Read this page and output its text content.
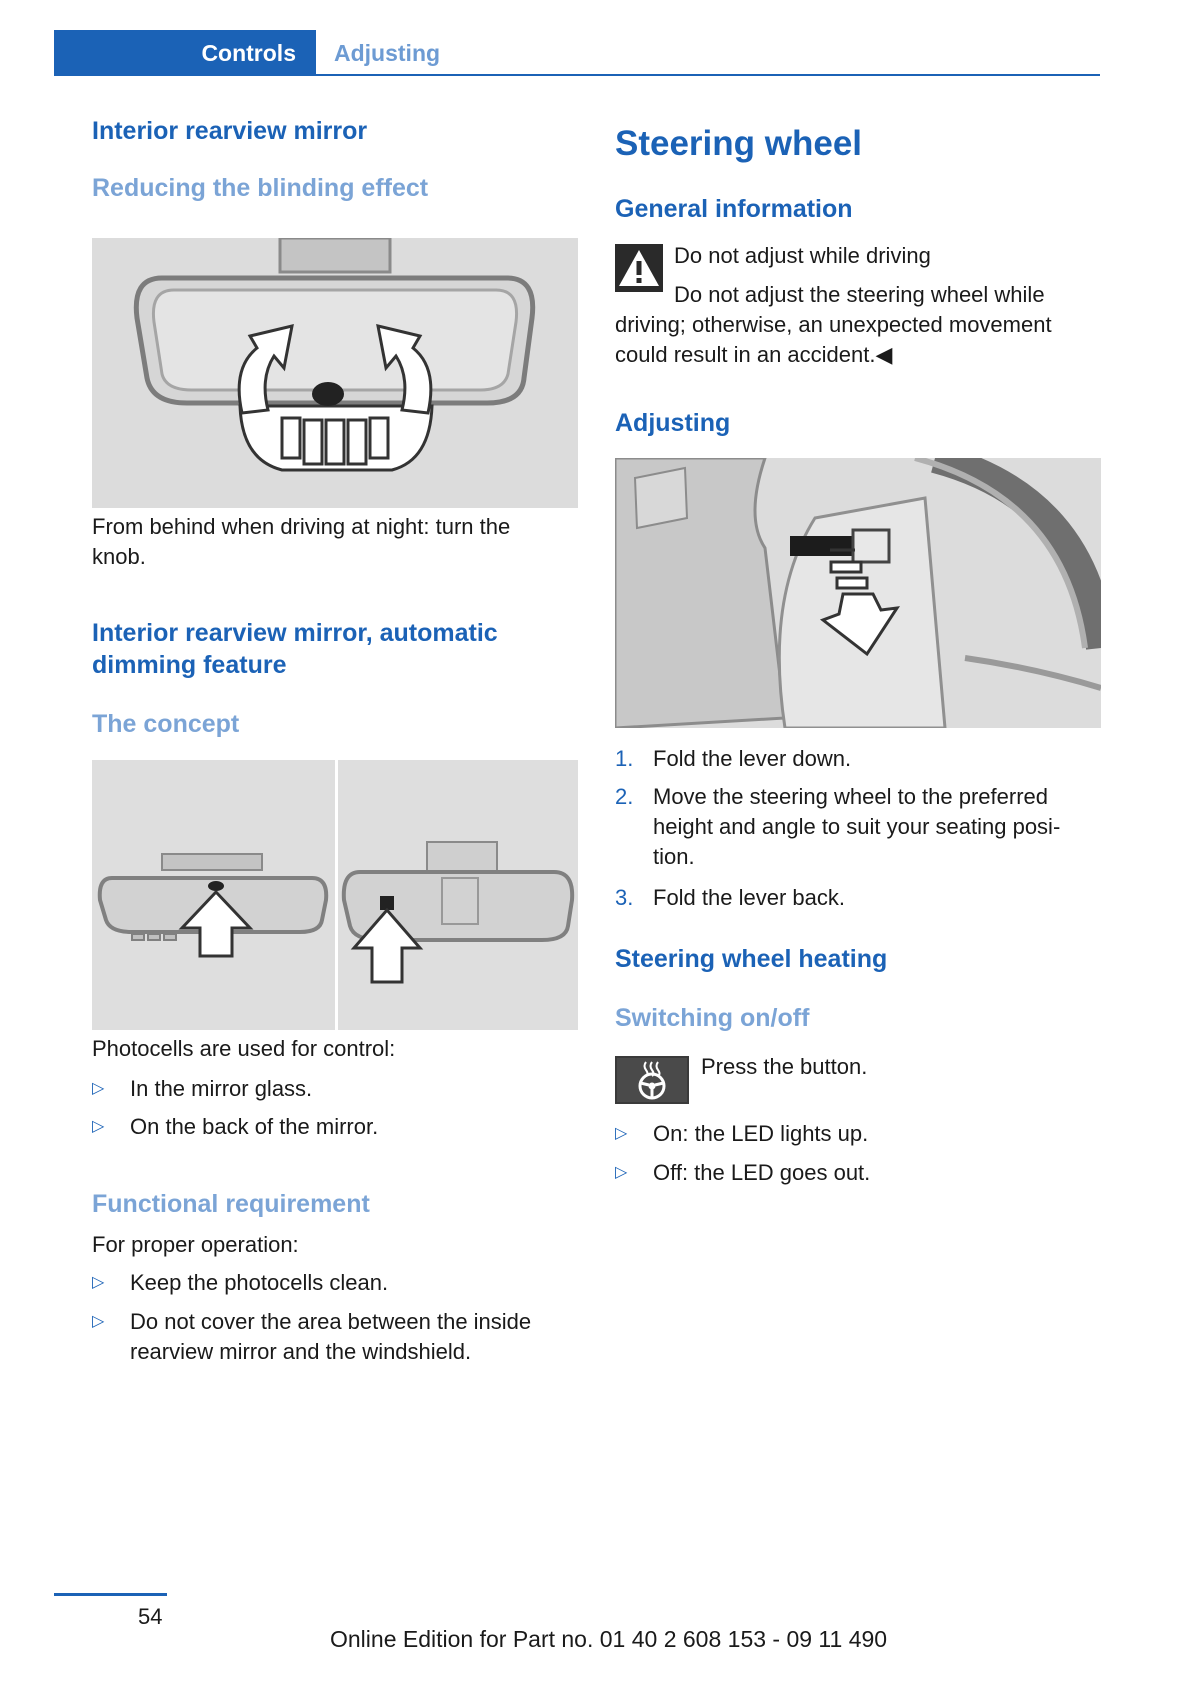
Controls	Adjusting
Interior rearview mirror
Reducing the blinding effect
From behind when driving at night: turn the
knob.
Interior rearview mirror, automatic
dimming feature
The concept
Photocells are used for control:
▷ In the mirror glass.
▷ On the back of the mirror.
Functional requirement
For proper operation:
▷ Keep the photocells clean.
▷ Do not cover the area between the inside
rearview mirror and the windshield.
Steering wheel
General information
Do not adjust while driving
Do not adjust the steering wheel while
driving; otherwise, an unexpected movement
could result in an accident.◀
Adjusting
1. Fold the lever down.
2. Move the steering wheel to the preferred
height and angle to suit your seating posi-
tion.
3. Fold the lever back.
Steering wheel heating
Switching on/off
Press the button.
▷ On: the LED lights up.
▷ Off: the LED goes out.
54
Online Edition for Part no. 01 40 2 608 153 - 09 11 490
